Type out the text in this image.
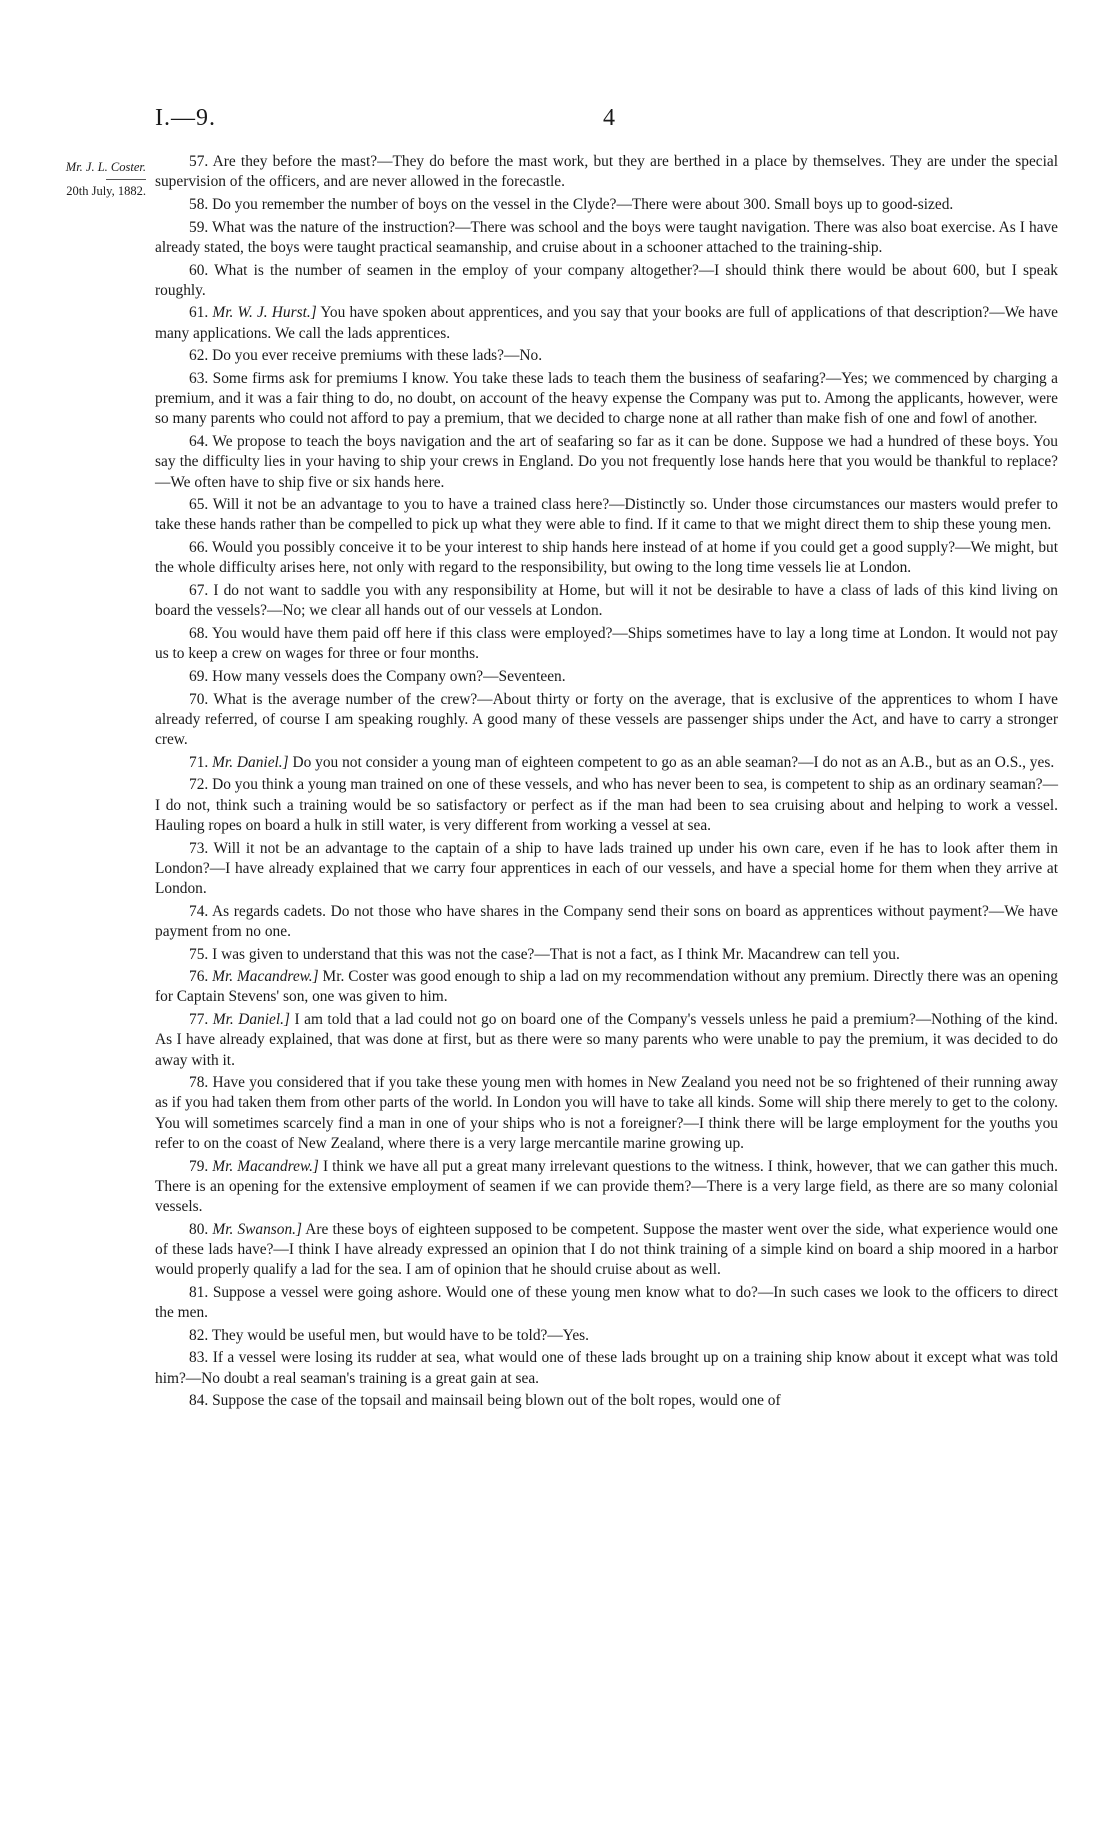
I.—9.	4
Mr. J. L. Coster.
20th July, 1882.

57. Are they before the mast?—They do before the mast work, but they are berthed in a place by themselves. They are under the special supervision of the officers, and are never allowed in the forecastle.

58. Do you remember the number of boys on the vessel in the Clyde?—There were about 300. Small boys up to good-sized.

59. What was the nature of the instruction?—There was school and the boys were taught navigation. There was also boat exercise. As I have already stated, the boys were taught practical seamanship, and cruise about in a schooner attached to the training-ship.

60. What is the number of seamen in the employ of your company altogether?—I should think there would be about 600, but I speak roughly.

61. Mr. W. J. Hurst.] You have spoken about apprentices, and you say that your books are full of applications of that description?—We have many applications. We call the lads apprentices.

62. Do you ever receive premiums with these lads?—No.

63. Some firms ask for premiums I know. You take these lads to teach them the business of seafaring?—Yes; we commenced by charging a premium, and it was a fair thing to do, no doubt, on account of the heavy expense the Company was put to. Among the applicants, however, were so many parents who could not afford to pay a premium, that we decided to charge none at all rather than make fish of one and fowl of another.

64. We propose to teach the boys navigation and the art of seafaring so far as it can be done. Suppose we had a hundred of these boys. You say the difficulty lies in your having to ship your crews in England. Do you not frequently lose hands here that you would be thankful to replace?—We often have to ship five or six hands here.

65. Will it not be an advantage to you to have a trained class here?—Distinctly so. Under those circumstances our masters would prefer to take these hands rather than be compelled to pick up what they were able to find. If it came to that we might direct them to ship these young men.

66. Would you possibly conceive it to be your interest to ship hands here instead of at home if you could get a good supply?—We might, but the whole difficulty arises here, not only with regard to the responsibility, but owing to the long time vessels lie at London.

67. I do not want to saddle you with any responsibility at Home, but will it not be desirable to have a class of lads of this kind living on board the vessels?—No; we clear all hands out of our vessels at London.

68. You would have them paid off here if this class were employed?—Ships sometimes have to lay a long time at London. It would not pay us to keep a crew on wages for three or four months.

69. How many vessels does the Company own?—Seventeen.

70. What is the average number of the crew?—About thirty or forty on the average, that is exclusive of the apprentices to whom I have already referred, of course I am speaking roughly. A good many of these vessels are passenger ships under the Act, and have to carry a stronger crew.

71. Mr. Daniel.] Do you not consider a young man of eighteen competent to go as an able seaman?—I do not as an A.B., but as an O.S., yes.

72. Do you think a young man trained on one of these vessels, and who has never been to sea, is competent to ship as an ordinary seaman?—I do not, think such a training would be so satisfactory or perfect as if the man had been to sea cruising about and helping to work a vessel. Hauling ropes on board a hulk in still water, is very different from working a vessel at sea.

73. Will it not be an advantage to the captain of a ship to have lads trained up under his own care, even if he has to look after them in London?—I have already explained that we carry four apprentices in each of our vessels, and have a special home for them when they arrive at London.

74. As regards cadets. Do not those who have shares in the Company send their sons on board as apprentices without payment?—We have payment from no one.

75. I was given to understand that this was not the case?—That is not a fact, as I think Mr. Macandrew can tell you.

76. Mr. Macandrew.] Mr. Coster was good enough to ship a lad on my recommendation without any premium. Directly there was an opening for Captain Stevens' son, one was given to him.

77. Mr. Daniel.] I am told that a lad could not go on board one of the Company's vessels unless he paid a premium?—Nothing of the kind. As I have already explained, that was done at first, but as there were so many parents who were unable to pay the premium, it was decided to do away with it.

78. Have you considered that if you take these young men with homes in New Zealand you need not be so frightened of their running away as if you had taken them from other parts of the world. In London you will have to take all kinds. Some will ship there merely to get to the colony. You will sometimes scarcely find a man in one of your ships who is not a foreigner?—I think there will be large employment for the youths you refer to on the coast of New Zealand, where there is a very large mercantile marine growing up.

79. Mr. Macandrew.] I think we have all put a great many irrelevant questions to the witness. I think, however, that we can gather this much. There is an opening for the extensive employment of seamen if we can provide them?—There is a very large field, as there are so many colonial vessels.

80. Mr. Swanson.] Are these boys of eighteen supposed to be competent. Suppose the master went over the side, what experience would one of these lads have?—I think I have already expressed an opinion that I do not think training of a simple kind on board a ship moored in a harbor would properly qualify a lad for the sea. I am of opinion that he should cruise about as well.

81. Suppose a vessel were going ashore. Would one of these young men know what to do?—In such cases we look to the officers to direct the men.

82. They would be useful men, but would have to be told?—Yes.

83. If a vessel were losing its rudder at sea, what would one of these lads brought up on a training ship know about it except what was told him?—No doubt a real seaman's training is a great gain at sea.

84. Suppose the case of the topsail and mainsail being blown out of the bolt ropes, would one of
